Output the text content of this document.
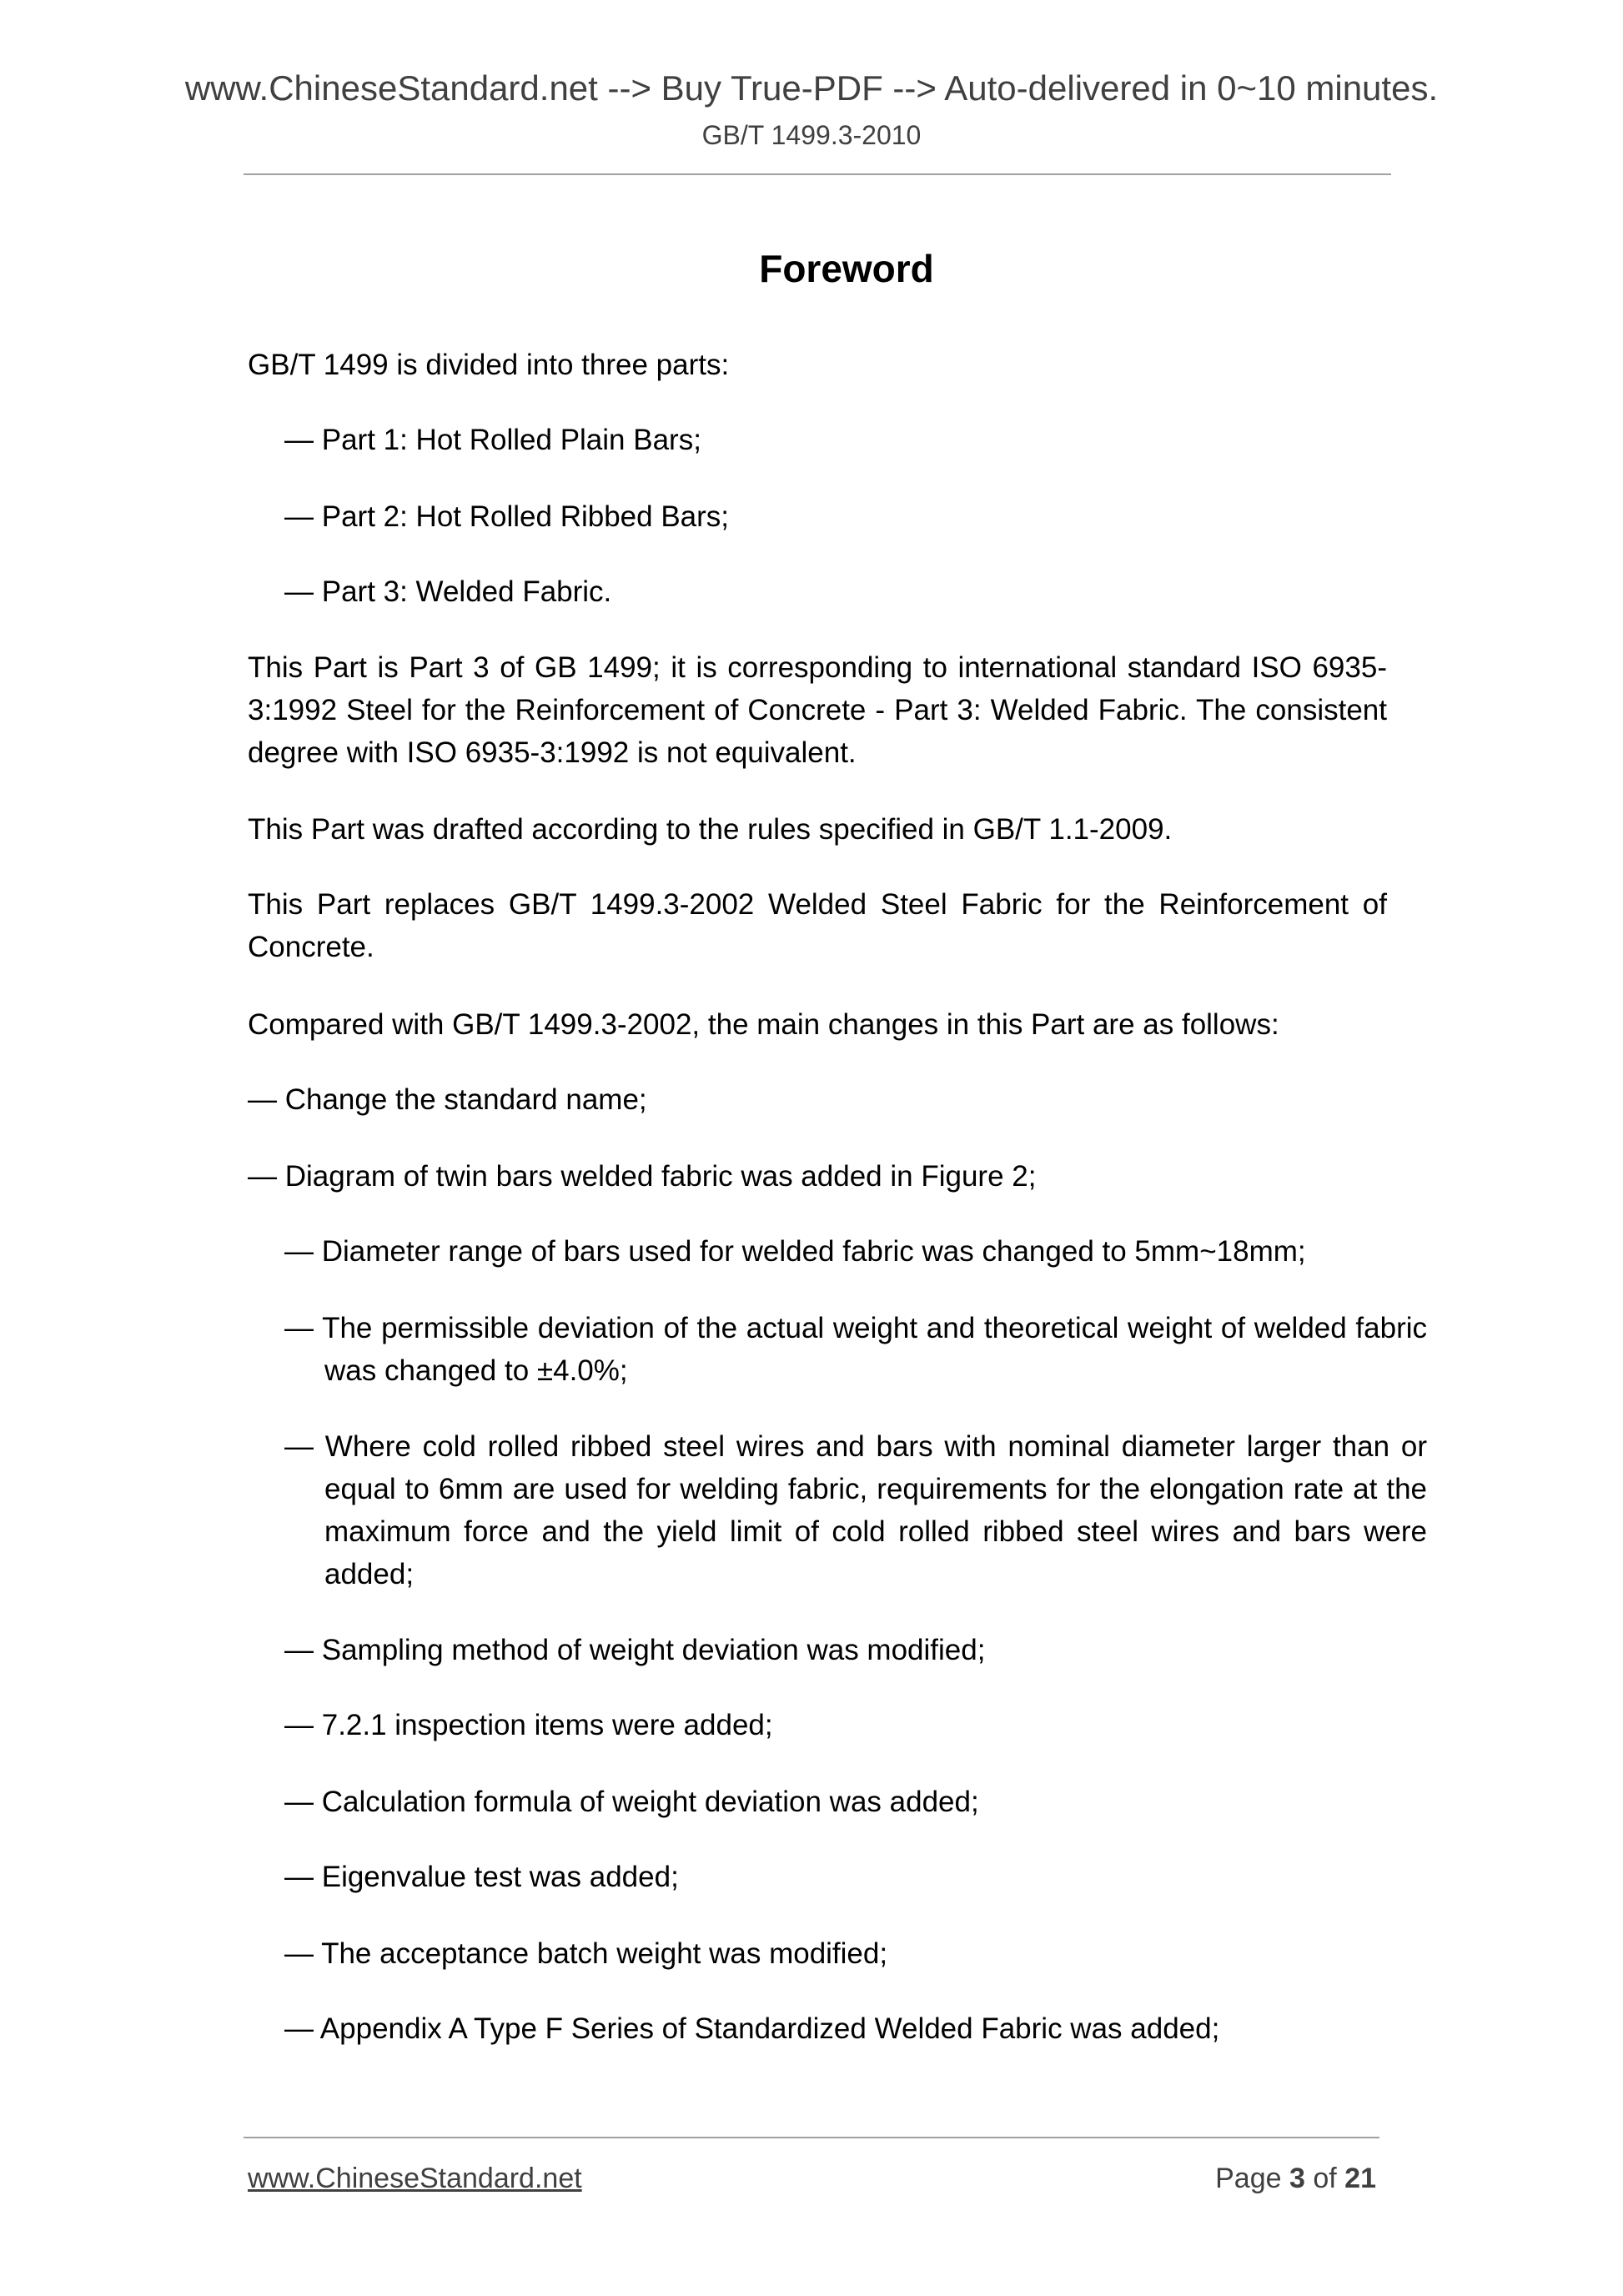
www.ChineseStandard.net --> Buy True-PDF --> Auto-delivered in 0~10 minutes.
GB/T 1499.3-2010
Foreword
GB/T 1499 is divided into three parts:
— Part 1: Hot Rolled Plain Bars;
— Part 2: Hot Rolled Ribbed Bars;
— Part 3: Welded Fabric.
This Part is Part 3 of GB 1499; it is corresponding to international standard ISO 6935-3:1992 Steel for the Reinforcement of Concrete - Part 3: Welded Fabric. The consistent degree with ISO 6935-3:1992 is not equivalent.
This Part was drafted according to the rules specified in GB/T 1.1-2009.
This Part replaces GB/T 1499.3-2002 Welded Steel Fabric for the Reinforcement of Concrete.
Compared with GB/T 1499.3-2002, the main changes in this Part are as follows:
— Change the standard name;
— Diagram of twin bars welded fabric was added in Figure 2;
— Diameter range of bars used for welded fabric was changed to 5mm~18mm;
— The permissible deviation of the actual weight and theoretical weight of welded fabric was changed to ±4.0%;
— Where cold rolled ribbed steel wires and bars with nominal diameter larger than or equal to 6mm are used for welding fabric, requirements for the elongation rate at the maximum force and the yield limit of cold rolled ribbed steel wires and bars were added;
— Sampling method of weight deviation was modified;
— 7.2.1 inspection items were added;
— Calculation formula of weight deviation was added;
— Eigenvalue test was added;
— The acceptance batch weight was modified;
— Appendix A Type F Series of Standardized Welded Fabric was added;
www.ChineseStandard.net	Page 3 of 21
